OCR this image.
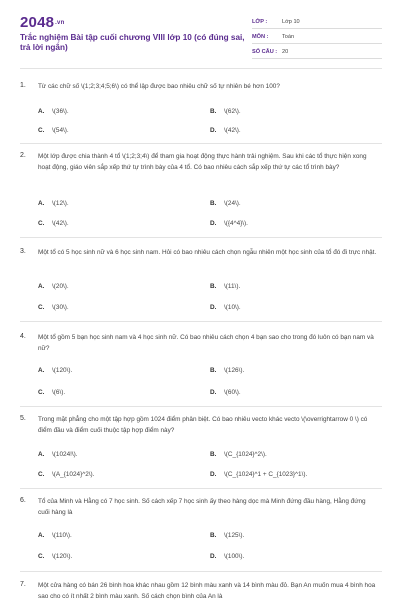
2048.vn
Trắc nghiệm Bài tập cuối chương VIII lớp 10 (có đúng sai, trả lời ngắn)
LỚP :	Lớp 10
MÔN : Toán
SỐ CÂU : 20
1. Từ các chữ số \(1;2;3;4;5;6\) có thể lập được bao nhiêu chữ số tự nhiên bé hơn 100?
A. \(36\).	B. \(62\).
C. \(54\).	D. \(42\).
2. Một lớp được chia thành 4 tổ \(1;2;3;4\) để tham gia hoạt động thực hành trải nghiệm. Sau khi các tổ thực hiện xong hoạt động, giáo viên sắp xếp thứ tự trình bày của 4 tổ. Có bao nhiêu cách sắp xếp thứ tự các tổ trình bày?
A. \(12\).	B. \(24\).
C. \(42\).	D. \({4^4}\).
3. Một tổ có 5 học sinh nữ và 6 học sinh nam. Hỏi có bao nhiêu cách chọn ngẫu nhiên một học sinh của tổ đó đi trực nhật.
A. \(20\).	B. \(11\).
C. \(30\).	D. \(10\).
4. Một tổ gồm 5 bạn học sinh nam và 4 học sinh nữ. Có bao nhiêu cách chọn 4 bạn sao cho trong đó luôn có bạn nam và nữ?
A. \(120\).	B. \(126\).
C. \(6\).	D. \(60\).
5. Trong mặt phẳng cho một tập hợp gồm 1024 điểm phân biệt. Có bao nhiêu vecto khác vecto \(\overrightarrow 0 \) có điểm đầu và điểm cuối thuộc tập hợp điểm này?
A. \(1024!\).	B. \(C_{1024}^2\).
C. \(A_{1024}^2\).	D. \(C_{1024}^1 + C_{1023}^1\).
6. Tổ của Minh và Hằng có 7 học sinh. Số cách xếp 7 học sinh ấy theo hàng dọc mà Minh đứng đầu hàng, Hằng đứng cuối hàng là
A. \(110\).	B. \(125\).
C. \(120\).	D. \(100\).
7. Một cửa hàng có bán 26 bình hoa khác nhau gồm 12 bình màu xanh và 14 bình màu đỏ. Bạn An muốn mua 4 bình hoa sao cho có ít nhất 2 bình màu xanh. Số cách chọn bình của An là
